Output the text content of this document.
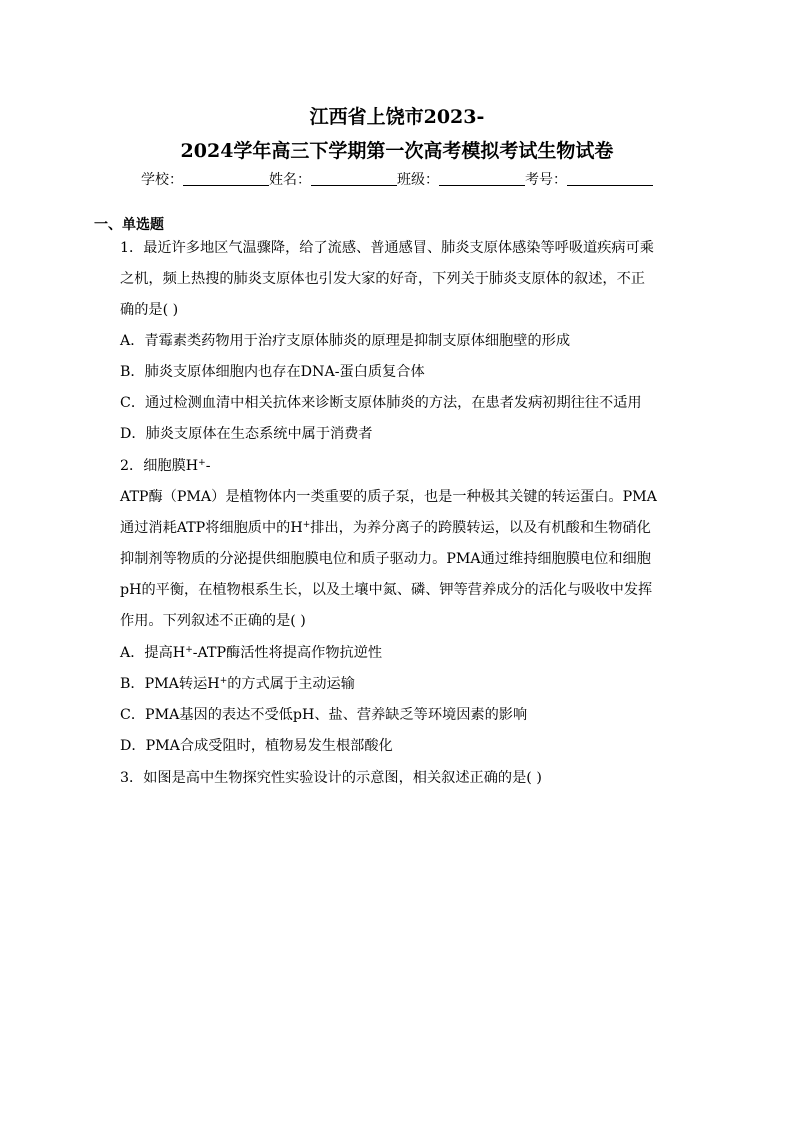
江西省上饶市2023-
2024学年高三下学期第一次高考模拟考试生物试卷
学校：	姓名：	班级：	考号：
一、单选题
1．最近许多地区气温骤降，给了流感、普通感冒、肺炎支原体感染等呼吸道疾病可乘
之机，频上热搜的肺炎支原体也引发大家的好奇，下列关于肺炎支原体的叙述，不正
确的是( )
A．青霉素类药物用于治疗支原体肺炎的原理是抑制支原体细胞壁的形成
B．肺炎支原体细胞内也存在DNA-蛋白质复合体
C．通过检测血清中相关抗体来诊断支原体肺炎的方法，在患者发病初期往往不适用
D．肺炎支原体在生态系统中属于消费者
2．细胞膜H+-
ATP酶（PMA）是植物体内一类重要的质子泵，也是一种极其关键的转运蛋白。PMA
通过消耗ATP将细胞质中的H+排出，为养分离子的跨膜转运，以及有机酸和生物硝化
抑制剂等物质的分泌提供细胞膜电位和质子驱动力。PMA通过维持细胞膜电位和细胞
pH的平衡，在植物根系生长，以及土壤中氮、磷、钾等营养成分的活化与吸收中发挥
作用。下列叙述不正确的是( )
A．提高H+-ATP酶活性将提高作物抗逆性
B．PMA转运H+的方式属于主动运输
C．PMA基因的表达不受低pH、盐、营养缺乏等环境因素的影响
D．PMA合成受阻时，植物易发生根部酸化
3．如图是高中生物探究性实验设计的示意图，相关叙述正确的是( )
